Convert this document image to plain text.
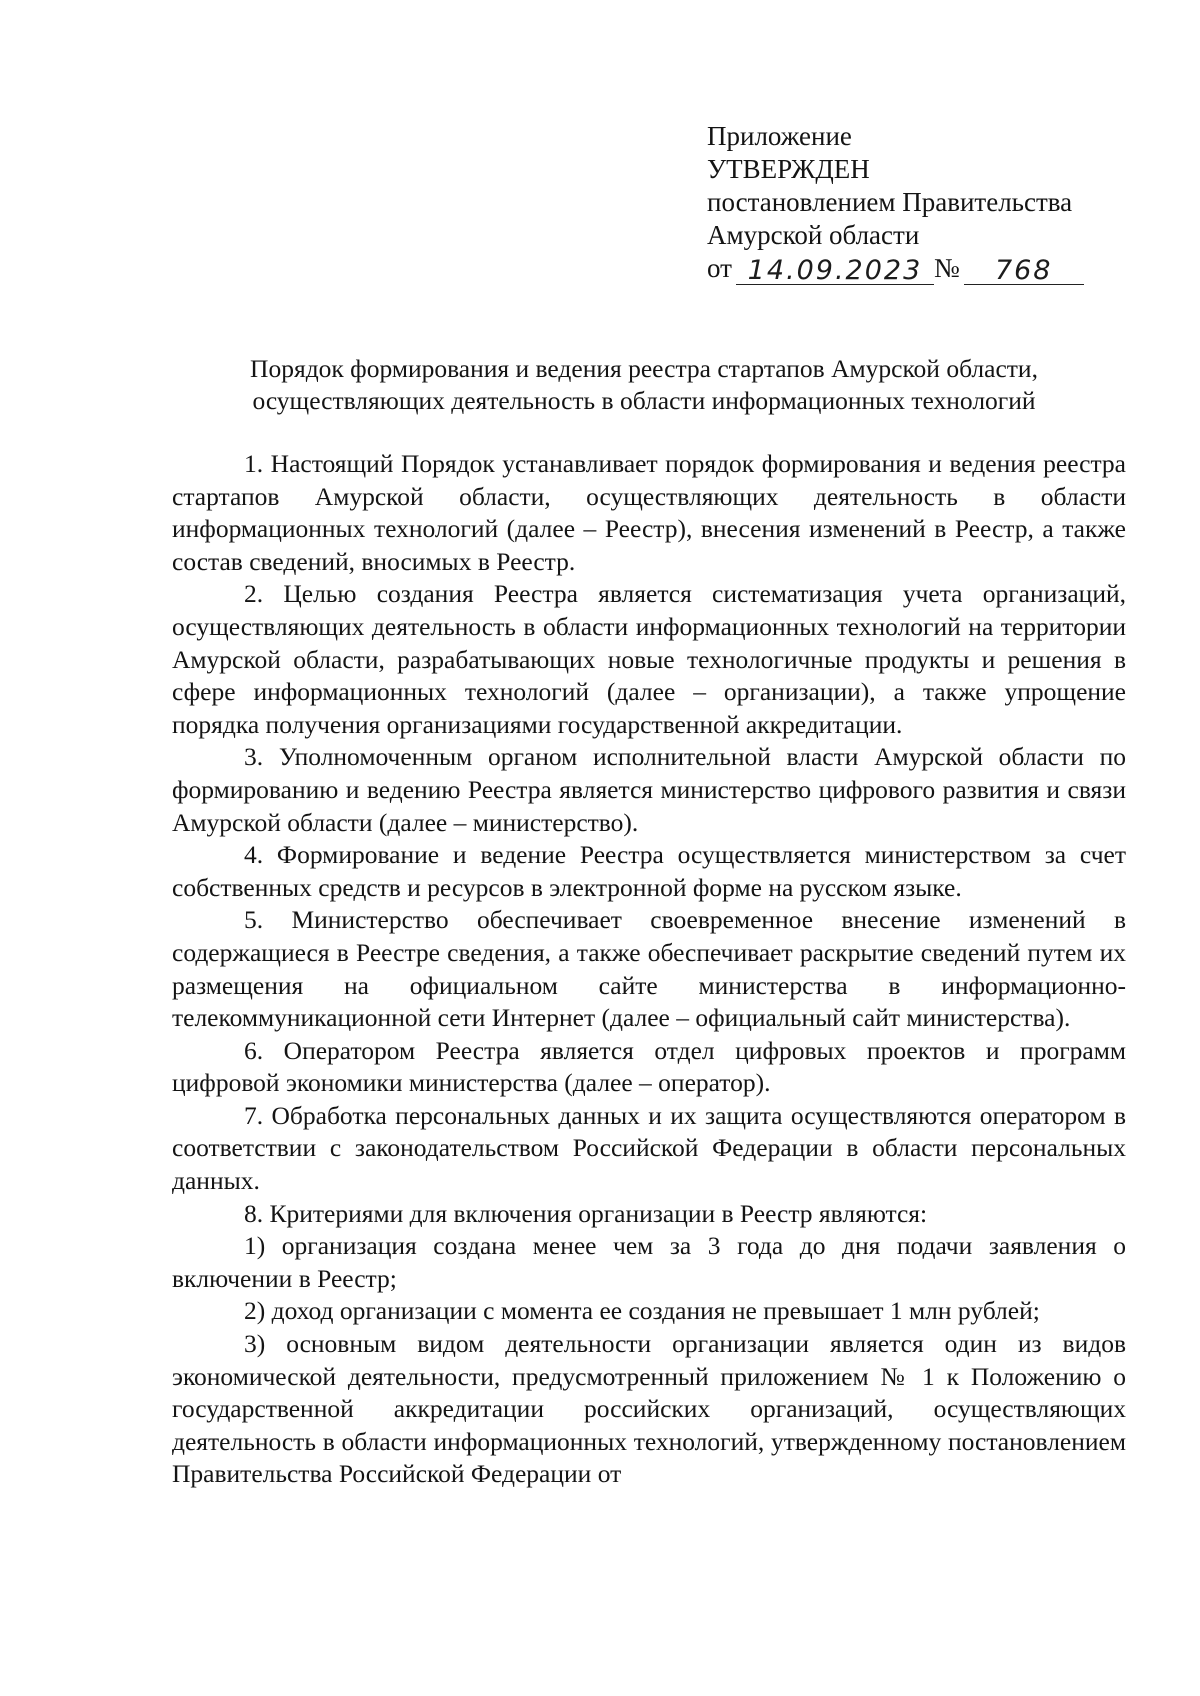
Приложение
УТВЕРЖДЕН
постановлением Правительства
Амурской области
от 14.09.2023 №	768
Порядок формирования и ведения реестра стартапов Амурской области,
осуществляющих деятельность в области информационных технологий

1. Настоящий Порядок устанавливает порядок формирования и ведения реестра стартапов Амурской области, осуществляющих деятельность в области информационных технологий (далее – Реестр), внесения изменений в Реестр, а также состав сведений, вносимых в Реестр.

2. Целью создания Реестра является систематизация учета организаций, осуществляющих деятельность в области информационных технологий на территории Амурской области, разрабатывающих новые технологичные продукты и решения в сфере информационных технологий (далее – организации), а также упрощение порядка получения организациями государственной аккредитации.

3. Уполномоченным органом исполнительной власти Амурской области по формированию и ведению Реестра является министерство цифрового развития и связи Амурской области (далее – министерство).

4. Формирование и ведение Реестра осуществляется министерством за счет собственных средств и ресурсов в электронной форме на русском языке.

5. Министерство обеспечивает своевременное внесение изменений в содержащиеся в Реестре сведения, а также обеспечивает раскрытие сведений путем их размещения на официальном сайте министерства в информационно-телекоммуникационной сети Интернет (далее – официальный сайт министерства).

6. Оператором Реестра является отдел цифровых проектов и программ цифровой экономики министерства (далее – оператор).

7. Обработка персональных данных и их защита осуществляются оператором в соответствии с законодательством Российской Федерации в области персональных данных.

8. Критериями для включения организации в Реестр являются:

1) организация создана менее чем за 3 года до дня подачи заявления о включении в Реестр;

2) доход организации с момента ее создания не превышает 1 млн рублей;

3) основным видом деятельности организации является один из видов экономической деятельности, предусмотренный приложением № 1 к Положению о государственной аккредитации российских организаций, осуществляющих деятельность в области информационных технологий, утвержденному постановлением Правительства Российской Федерации от
